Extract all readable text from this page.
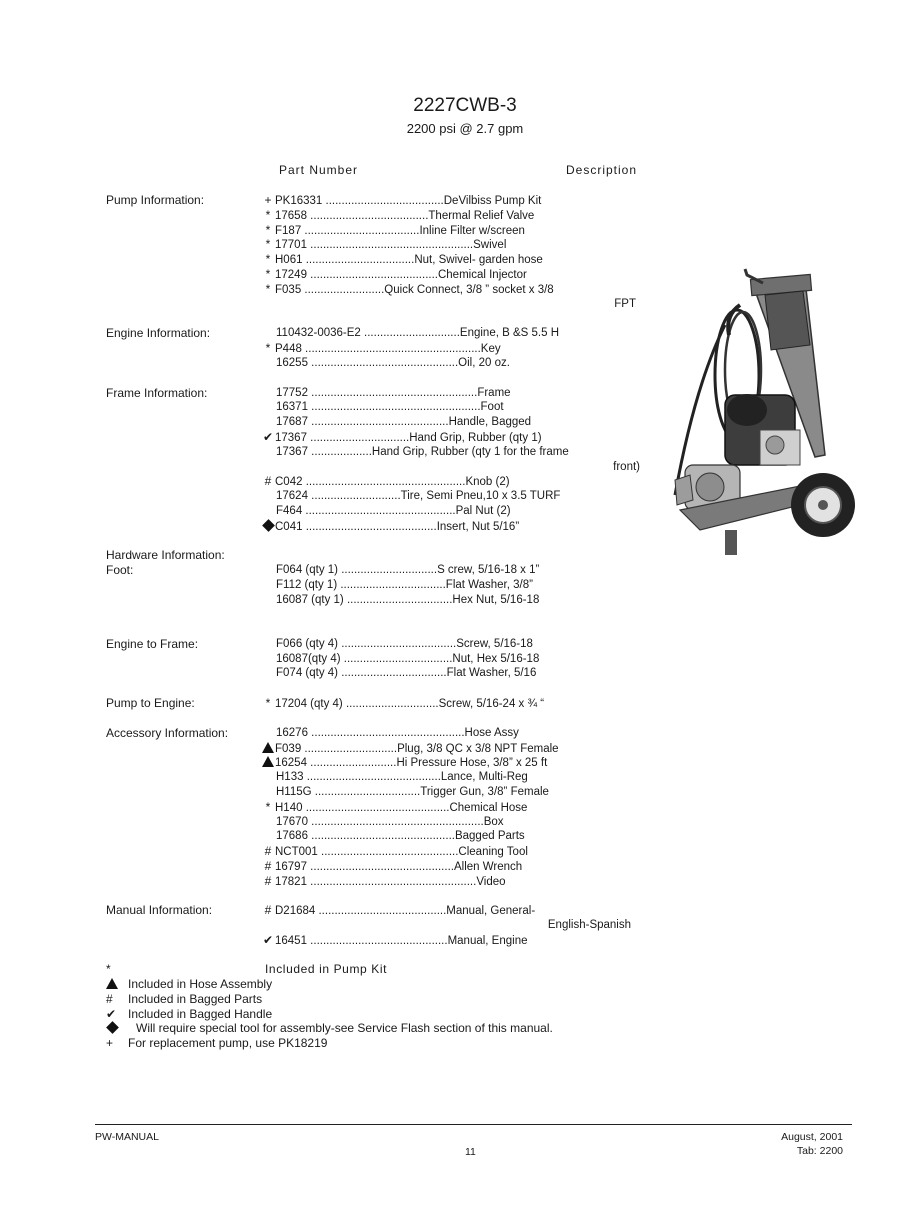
2227CWB-3
2200 psi @ 2.7 gpm
Part Number	Description
Pump Information:
Engine Information:
Frame Information:
Hardware Information:
Foot:
Engine to Frame:
Pump to Engine:
Accessory Information:
Manual Information:
+ PK16331 .....................................DeVilbiss Pump Kit
* 17658 .....................................Thermal Relief Valve
* F187 ....................................Inline Filter w/screen
* 17701 ...................................................Swivel
* H061 ..................................Nut, Swivel- garden hose
* 17249 ........................................Chemical Injector
* F035 .........................Quick Connect, 3/8 ” socket x 3/8
FPT
110432-0036-E2 ..............................Engine, B &S 5.5 H
* P448 .......................................................Key
16255 ..............................................Oil, 20 oz.
17752 ....................................................Frame
16371 .....................................................Foot
17687 ...........................................Handle, Bagged
✔ 17367 ...............................Hand Grip, Rubber (qty 1)
17367 ...................Hand Grip, Rubber (qty 1 for the frame
front)
# C042 ..................................................Knob (2)
17624 ............................Tire, Semi Pneu,10 x 3.5 TURF
F464 ...............................................Pal Nut (2)
C041 .........................................Insert, Nut 5/16”
F064 (qty 1) ..............................S crew, 5/16-18 x 1”
F112 (qty 1) .................................Flat Washer, 3/8”
16087 (qty 1) .................................Hex Nut, 5/16-18
F066 (qty 4) ....................................Screw, 5/16-18
16087(qty 4) ..................................Nut, Hex 5/16-18
F074 (qty 4) .................................Flat Washer, 5/16
* 17204 (qty 4) .............................Screw, 5/16-24 x ¾ “
16276 ................................................Hose Assy
F039 .............................Plug, 3/8 QC x 3/8 NPT Female
16254 ...........................Hi Pressure Hose, 3/8” x 25 ft
H133 ..........................................Lance, Multi-Reg
H115G .................................Trigger Gun, 3/8” Female
* H140 .............................................Chemical Hose
17670 ......................................................Box
17686 .............................................Bagged Parts
# NCT001 ...........................................Cleaning Tool
# 16797 .............................................Allen Wrench
# 17821 ....................................................Video
# D21684 ........................................Manual, General-
English-Spanish
✔ 16451 ...........................................Manual, Engine
*	Included in Pump Kit
Included in Hose Assembly
# Included in Bagged Parts
✔ Included in Bagged Handle
Will require special tool for assembly-see Service Flash section of this manual.
+ For replacement pump, use PK18219
PW-MANUAL
11
August, 2001
Tab: 2200
